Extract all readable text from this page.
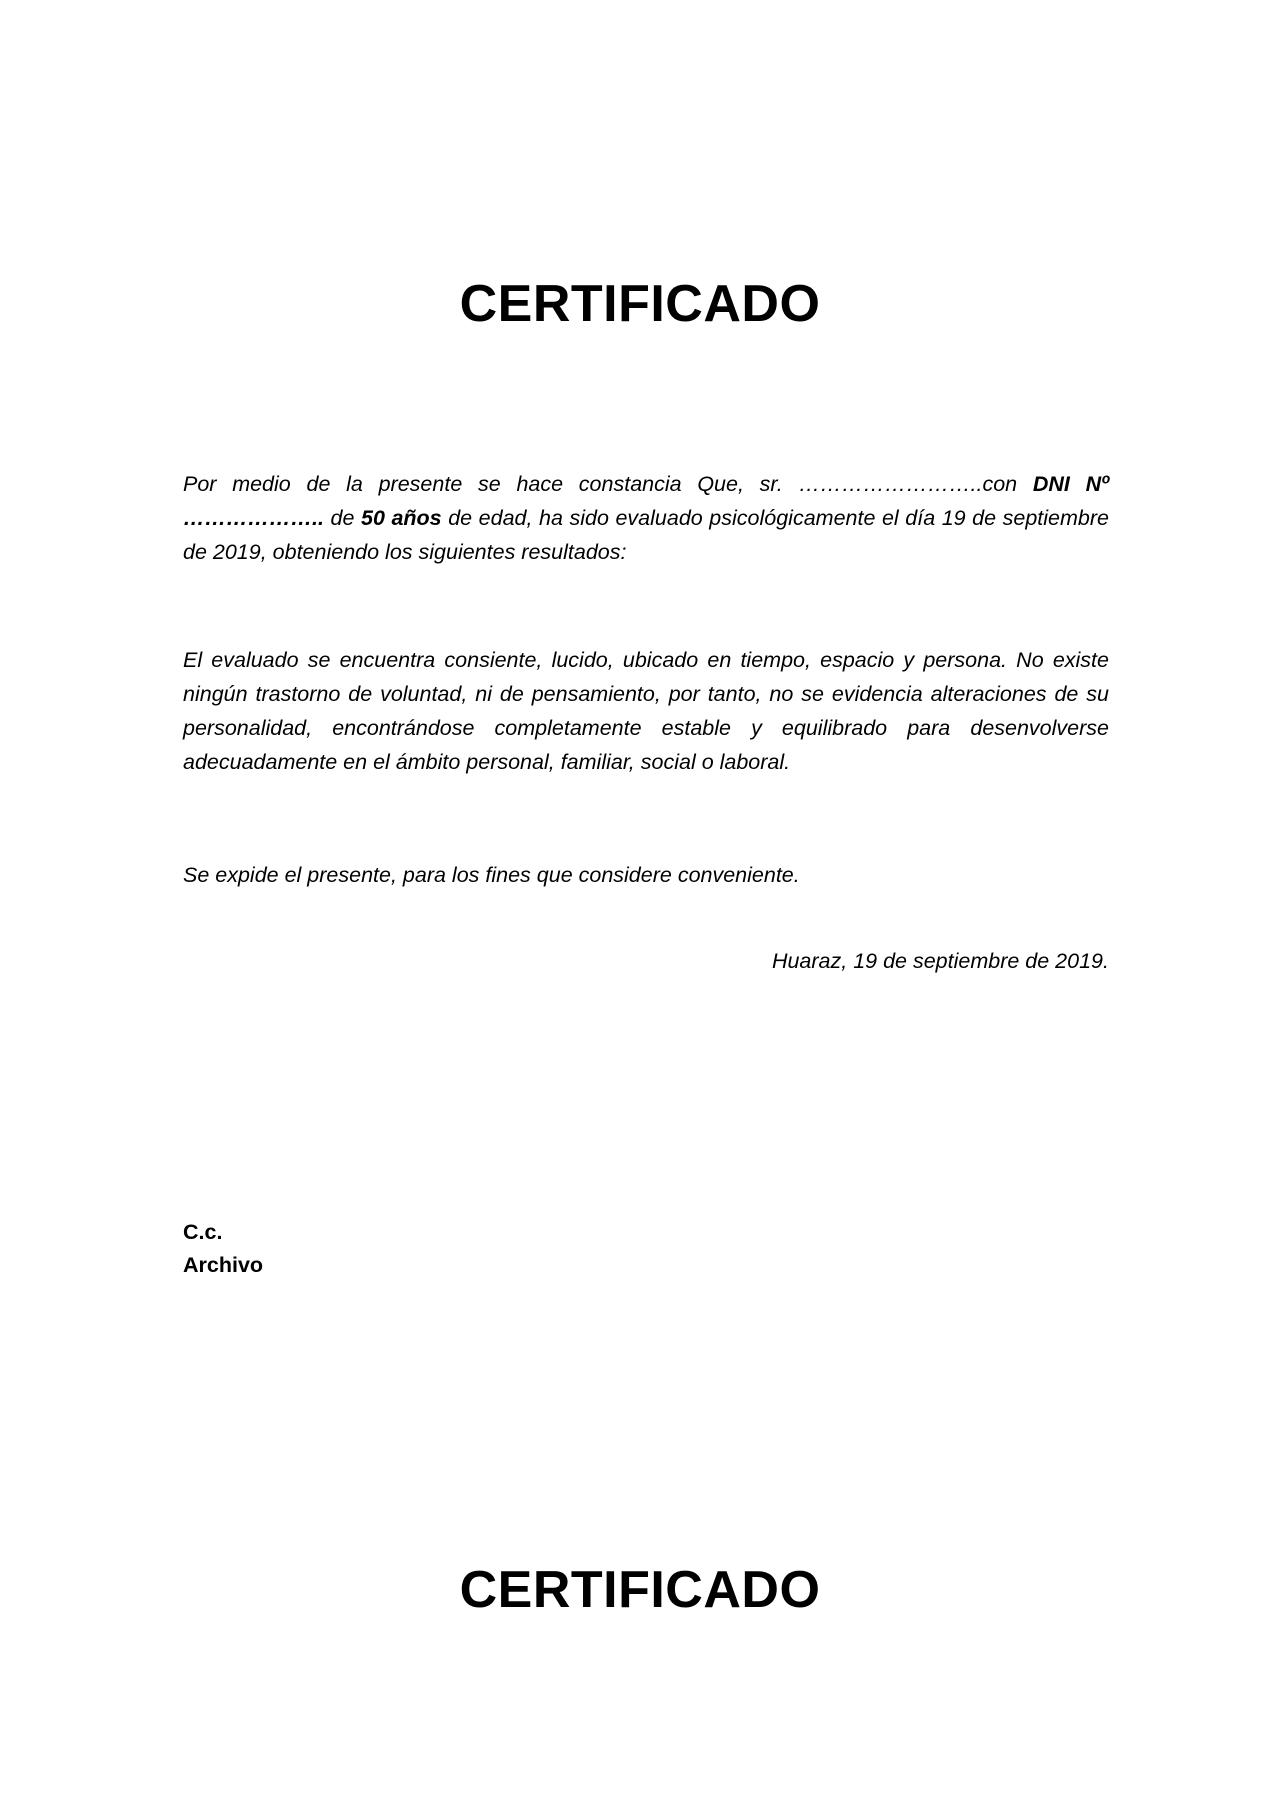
CERTIFICADO

Por medio de la presente se hace constancia Que, sr. ……………………..con DNI Nº ……………….. de 50 años de edad, ha sido evaluado psicológicamente el día 19 de septiembre de 2019, obteniendo los siguientes resultados:

El evaluado se encuentra consiente, lucido, ubicado en tiempo, espacio y persona. No existe ningún trastorno de voluntad, ni de pensamiento, por tanto, no se evidencia alteraciones de su personalidad, encontrándose completamente estable y equilibrado para desenvolverse adecuadamente en el ámbito personal, familiar, social o laboral.

Se expide el presente, para los fines que considere conveniente.

Huaraz, 19 de septiembre de 2019.
C.c.
Archivo
CERTIFICADO
